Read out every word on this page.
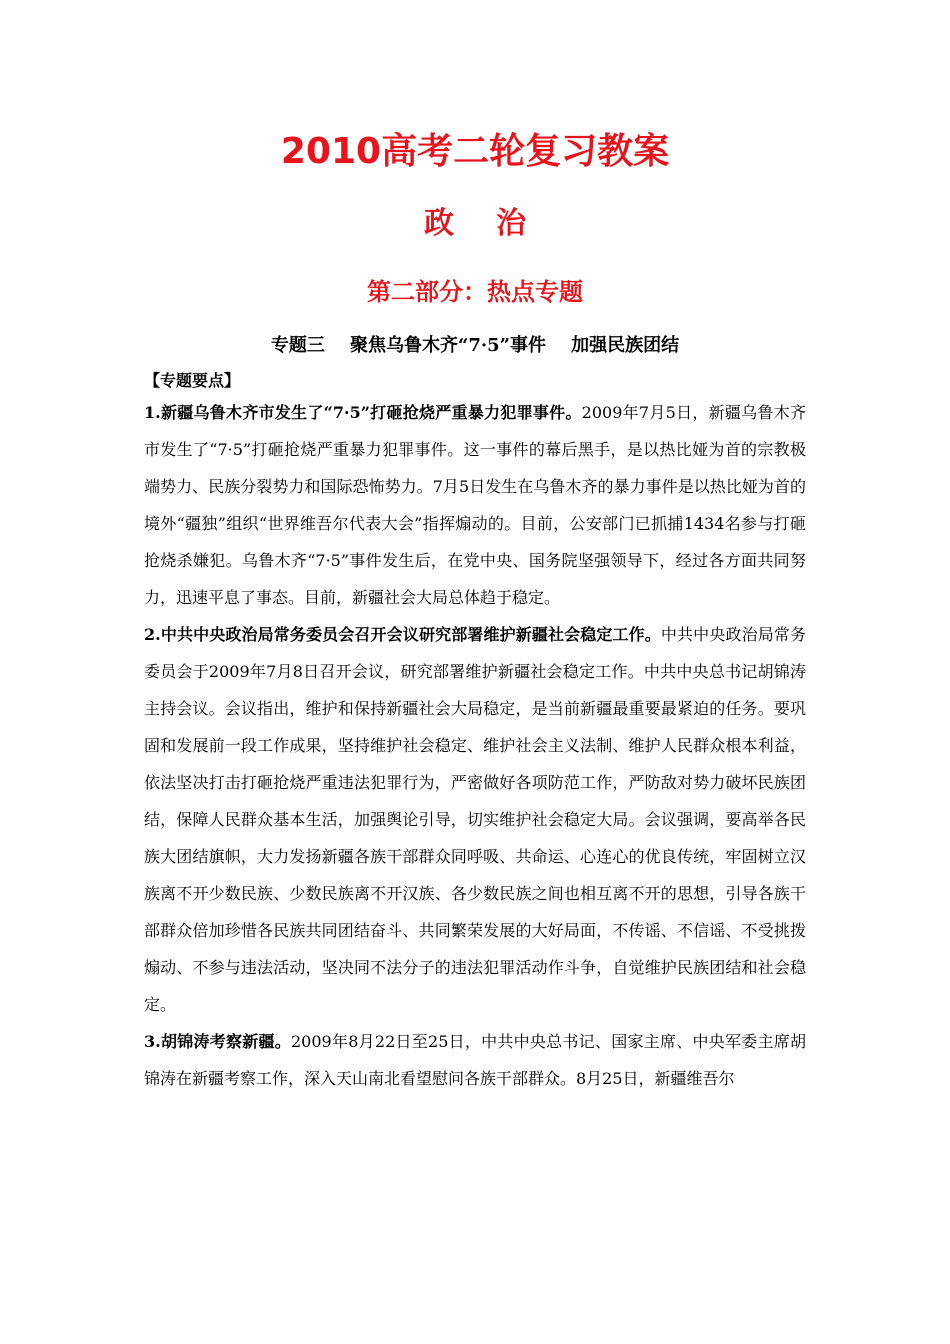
2010高考二轮复习教案
政治
第二部分：热点专题
专题三    聚焦乌鲁木齐“7·5”事件    加强民族团结
【专题要点】

1.新疆乌鲁木齐市发生了“7·5”打砸抢烧严重暴力犯罪事件。2009年7月5日，新疆乌鲁木齐市发生了“7·5”打砸抢烧严重暴力犯罪事件。这一事件的幕后黑手，是以热比娅为首的宗教极端势力、民族分裂势力和国际恐怖势力。7月5日发生在乌鲁木齐的暴力事件是以热比娅为首的境外“疆独”组织“世界维吾尔代表大会”指挥煽动的。目前，公安部门已抓捕1434名参与打砸抢烧杀嫌犯。乌鲁木齐“7·5”事件发生后，在党中央、国务院坚强领导下，经过各方面共同努力，迅速平息了事态。目前，新疆社会大局总体趋于稳定。

2.中共中央政治局常务委员会召开会议研究部署维护新疆社会稳定工作。中共中央政治局常务委员会于2009年7月8日召开会议，研究部署维护新疆社会稳定工作。中共中央总书记胡锦涛主持会议。会议指出，维护和保持新疆社会大局稳定，是当前新疆最重要最紧迫的任务。要巩固和发展前一段工作成果，坚持维护社会稳定、维护社会主义法制、维护人民群众根本利益，依法坚决打击打砸抢烧严重违法犯罪行为，严密做好各项防范工作，严防敌对势力破坏民族团结，保障人民群众基本生活，加强舆论引导，切实维护社会稳定大局。会议强调，要高举各民族大团结旗帜，大力发扬新疆各族干部群众同呼吸、共命运、心连心的优良传统，牢固树立汉族离不开少数民族、少数民族离不开汉族、各少数民族之间也相互离不开的思想，引导各族干部群众倍加珍惜各民族共同团结奋斗、共同繁荣发展的大好局面，不传谣、不信谣、不受挑拨煽动、不参与违法活动，坚决同不法分子的违法犯罪活动作斗争，自觉维护民族团结和社会稳定。

3.胡锦涛考察新疆。2009年8月22日至25日，中共中央总书记、国家主席、中央军委主席胡锦涛在新疆考察工作，深入天山南北看望慰问各族干部群众。8月25日，新疆维吾尔
